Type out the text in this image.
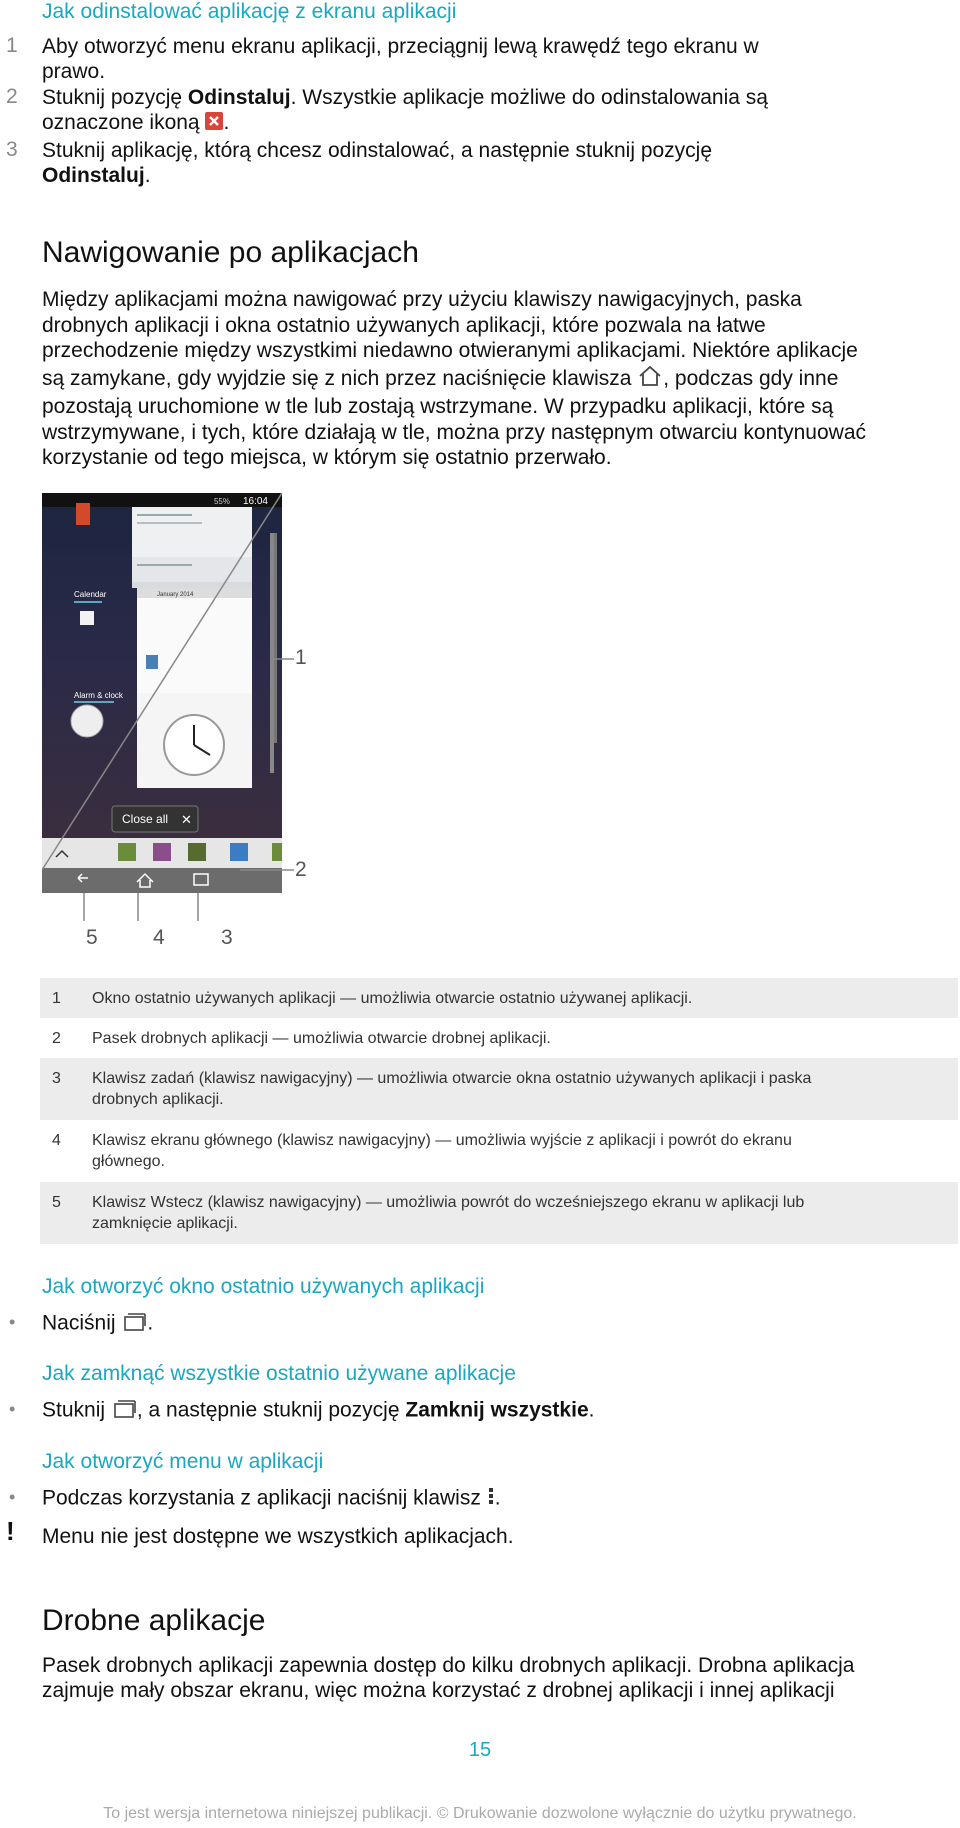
Jak odinstalować aplikację z ekranu aplikacji
1 Aby otworzyć menu ekranu aplikacji, przeciągnij lewą krawędź tego ekranu w
prawo.
2 Stuknij pozycję Odinstaluj. Wszystkie aplikacje możliwe do odinstalowania są
oznaczone ikoną .
3 Stuknij aplikację, którą chcesz odinstalować, a następnie stuknij pozycję
Odinstaluj.
Nawigowanie po aplikacjach
Między aplikacjami można nawigować przy użyciu klawiszy nawigacyjnych, paska
drobnych aplikacji i okna ostatnio używanych aplikacji, które pozwala na łatwe
przechodzenie między wszystkimi niedawno otwieranymi aplikacjami. Niektóre aplikacje
są zamykane, gdy wyjdzie się z nich przez naciśnięcie klawisza , podczas gdy inne
pozostają uruchomione w tle lub zostają wstrzymane. W przypadku aplikacji, które są
wstrzymywane, i tych, które działają w tle, można przy następnym otwarciu kontynuować
korzystanie od tego miejsca, w którym się ostatnio przerwało.
16:04
55%
Calendar	January 2014
Alarm & clock
Close all ✕
1
2
5	4	3
1 Okno ostatnio używanych aplikacji — umożliwia otwarcie ostatnio używanej aplikacji.
2 Pasek drobnych aplikacji — umożliwia otwarcie drobnej aplikacji.
3 Klawisz zadań (klawisz nawigacyjny) — umożliwia otwarcie okna ostatnio używanych aplikacji i paska
drobnych aplikacji.
4 Klawisz ekranu głównego (klawisz nawigacyjny) — umożliwia wyjście z aplikacji i powrót do ekranu
głównego.
5 Klawisz Wstecz (klawisz nawigacyjny) — umożliwia powrót do wcześniejszego ekranu w aplikacji lub
zamknięcie aplikacji.
Jak otworzyć okno ostatnio używanych aplikacji
• Naciśnij .
Jak zamknąć wszystkie ostatnio używane aplikacje
• Stuknij , a następnie stuknij pozycję Zamknij wszystkie.
Jak otworzyć menu w aplikacji
• Podczas korzystania z aplikacji naciśnij klawisz .
! Menu nie jest dostępne we wszystkich aplikacjach.
Drobne aplikacje
Pasek drobnych aplikacji zapewnia dostęp do kilku drobnych aplikacji. Drobna aplikacja
zajmuje mały obszar ekranu, więc można korzystać z drobnej aplikacji i innej aplikacji
15
To jest wersja internetowa niniejszej publikacji. © Drukowanie dozwolone wyłącznie do użytku prywatnego.
